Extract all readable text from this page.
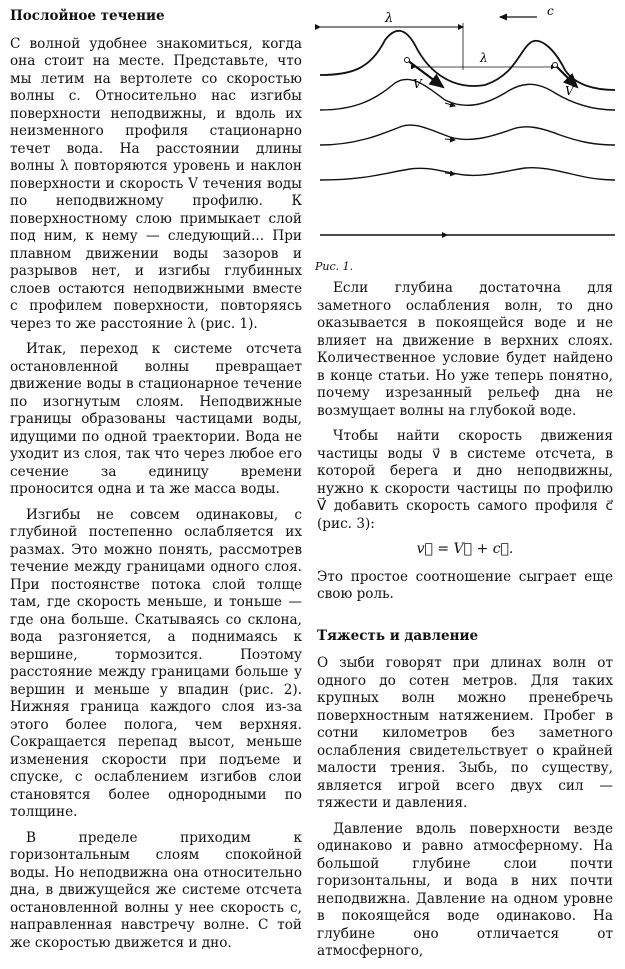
Послойное течение

С волной удобнее знакомиться, когда она стоит на месте. Представьте, что мы летим на вертолете со скоростью волны c. Относительно нас изгибы поверхности неподвижны, и вдоль их неизменного профиля стационарно течет вода. На расстоянии длины волны λ повторяются уровень и наклон поверхности и скорость V течения воды по неподвижному профилю. К поверхностному слою примыкает слой под ним, к нему — следующий... При плавном движении воды зазоров и разрывов нет, и изгибы глубинных слоев остаются неподвижными вместе с профилем поверхности, повторяясь через то же расстояние λ (рис. 1).

Итак, переход к системе отсчета остановленной волны превращает движение воды в стационарное течение по изогнутым слоям. Неподвижные границы образованы частицами воды, идущими по одной траектории. Вода не уходит из слоя, так что через любое его сечение за единицу времени проносится одна и та же масса воды.

Изгибы не совсем одинаковы, с глубиной постепенно ослабляется их размах. Это можно понять, рассмотрев течение между границами одного слоя. При постоянстве потока слой толще там, где скорость меньше, и тоньше — где она больше. Скатываясь со склона, вода разгоняется, а поднимаясь к вершине, тормозится. Поэтому расстояние между границами больше у вершин и меньше у впадин (рис. 2). Нижняя граница каждого слоя из-за этого более полога, чем верхняя. Сокращается перепад высот, меньше изменения скорости при подъеме и спуске, с ослаблением изгибов слои становятся более однородными по толщине.

В пределе приходим к горизонтальным слоям спокойной воды. Но неподвижна она относительно дна, в движущейся же системе отсчета остановленной волны у нее скорость c, направленная навстречу волне. С той же скоростью движется и дно.

λ	c
λ
V	V
Рис. 1.

Если глубина достаточна для заметного ослабления волн, то дно оказывается в покоящейся воде и не влияет на движение в верхних слоях. Количественное условие будет найдено в конце статьи. Но уже теперь понятно, почему изрезанный рельеф дна не возмущает волны на глубокой воде.

Чтобы найти скорость движения частицы воды v⃗ в системе отсчета, в которой берега и дно неподвижны, нужно к скорости частицы по профилю V⃗ добавить скорость самого профиля c⃗ (рис. 3):

v⃗ = V⃗ + c⃗.

Это простое соотношение сыграет еще свою роль.

Тяжесть и давление

О зыби говорят при длинах волн от одного до сотен метров. Для таких крупных волн можно пренебречь поверхностным натяжением. Пробег в сотни километров без заметного ослабления свидетельствует о крайней малости трения. Зыбь, по существу, является игрой всего двух сил — тяжести и давления.

Давление вдоль поверхности везде одинаково и равно атмосферному. На большой глубине слои почти горизонтальны, и вода в них почти неподвижна. Давление на одном уровне в покоящейся воде одинаково. На глубине оно отличается от атмосферного,
